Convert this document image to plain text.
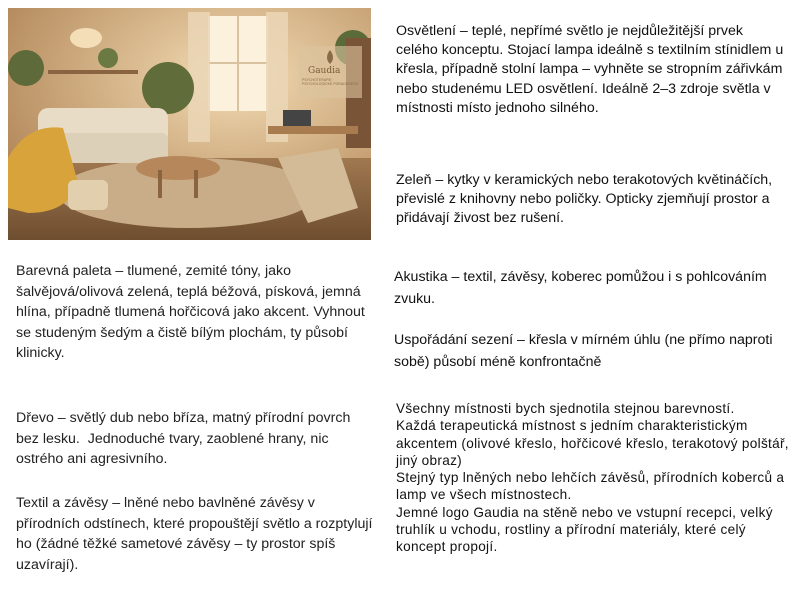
Gaudia
PSYCHOTERAPIE · PSYCHOLOGICKÉ PORADENSTVÍ
Osvětlení – teplé, nepřímé světlo je nejdůležitější prvek celého konceptu. Stojací lampa ideálně s textilním stínidlem u křesla, případně stolní lampa – vyhněte se stropním zářivkám nebo studenému LED osvětlení. Ideálně 2–3 zdroje světla v místnosti místo jednoho silného.
Zeleň – kytky v keramických nebo terakotových květináčích, převislé z knihovny nebo poličky. Opticky zjemňují prostor a přidávají živost bez rušení.
Akustika – textil, závěsy, koberec pomůžou i s pohlcováním zvuku.
Uspořádání sezení – křesla v mírném úhlu (ne přímo naproti sobě) působí méně konfrontačně
Všechny místnosti bych sjednotila stejnou barevností.
Každá terapeutická místnost s jedním charakteristickým akcentem (olivové křeslo, hořčicové křeslo, terakotový polštář, jiný obraz)
Stejný typ lněných nebo lehčích závěsů, přírodních koberců a lamp ve všech místnostech.
Jemné logo Gaudia na stěně nebo ve vstupní recepci, velký truhlík u vchodu, rostliny a přírodní materiály, které celý koncept propojí.
Barevná paleta – tlumené, zemité tóny, jako šalvějová/olivová zelená, teplá béžová, písková, jemná hlína, případně tlumená hořčicová jako akcent. Vyhnout se studeným šedým a čistě bílým plochám, ty působí klinicky.
Dřevo – světlý dub nebo bříza, matný přírodní povrch bez lesku.  Jednoduché tvary, zaoblené hrany, nic ostrého ani agresivního.
Textil a závěsy – lněné nebo bavlněné závěsy v přírodních odstínech, které propouštějí světlo a rozptylují ho (žádné těžké sametové závěsy – ty prostor spíš uzavírají).
